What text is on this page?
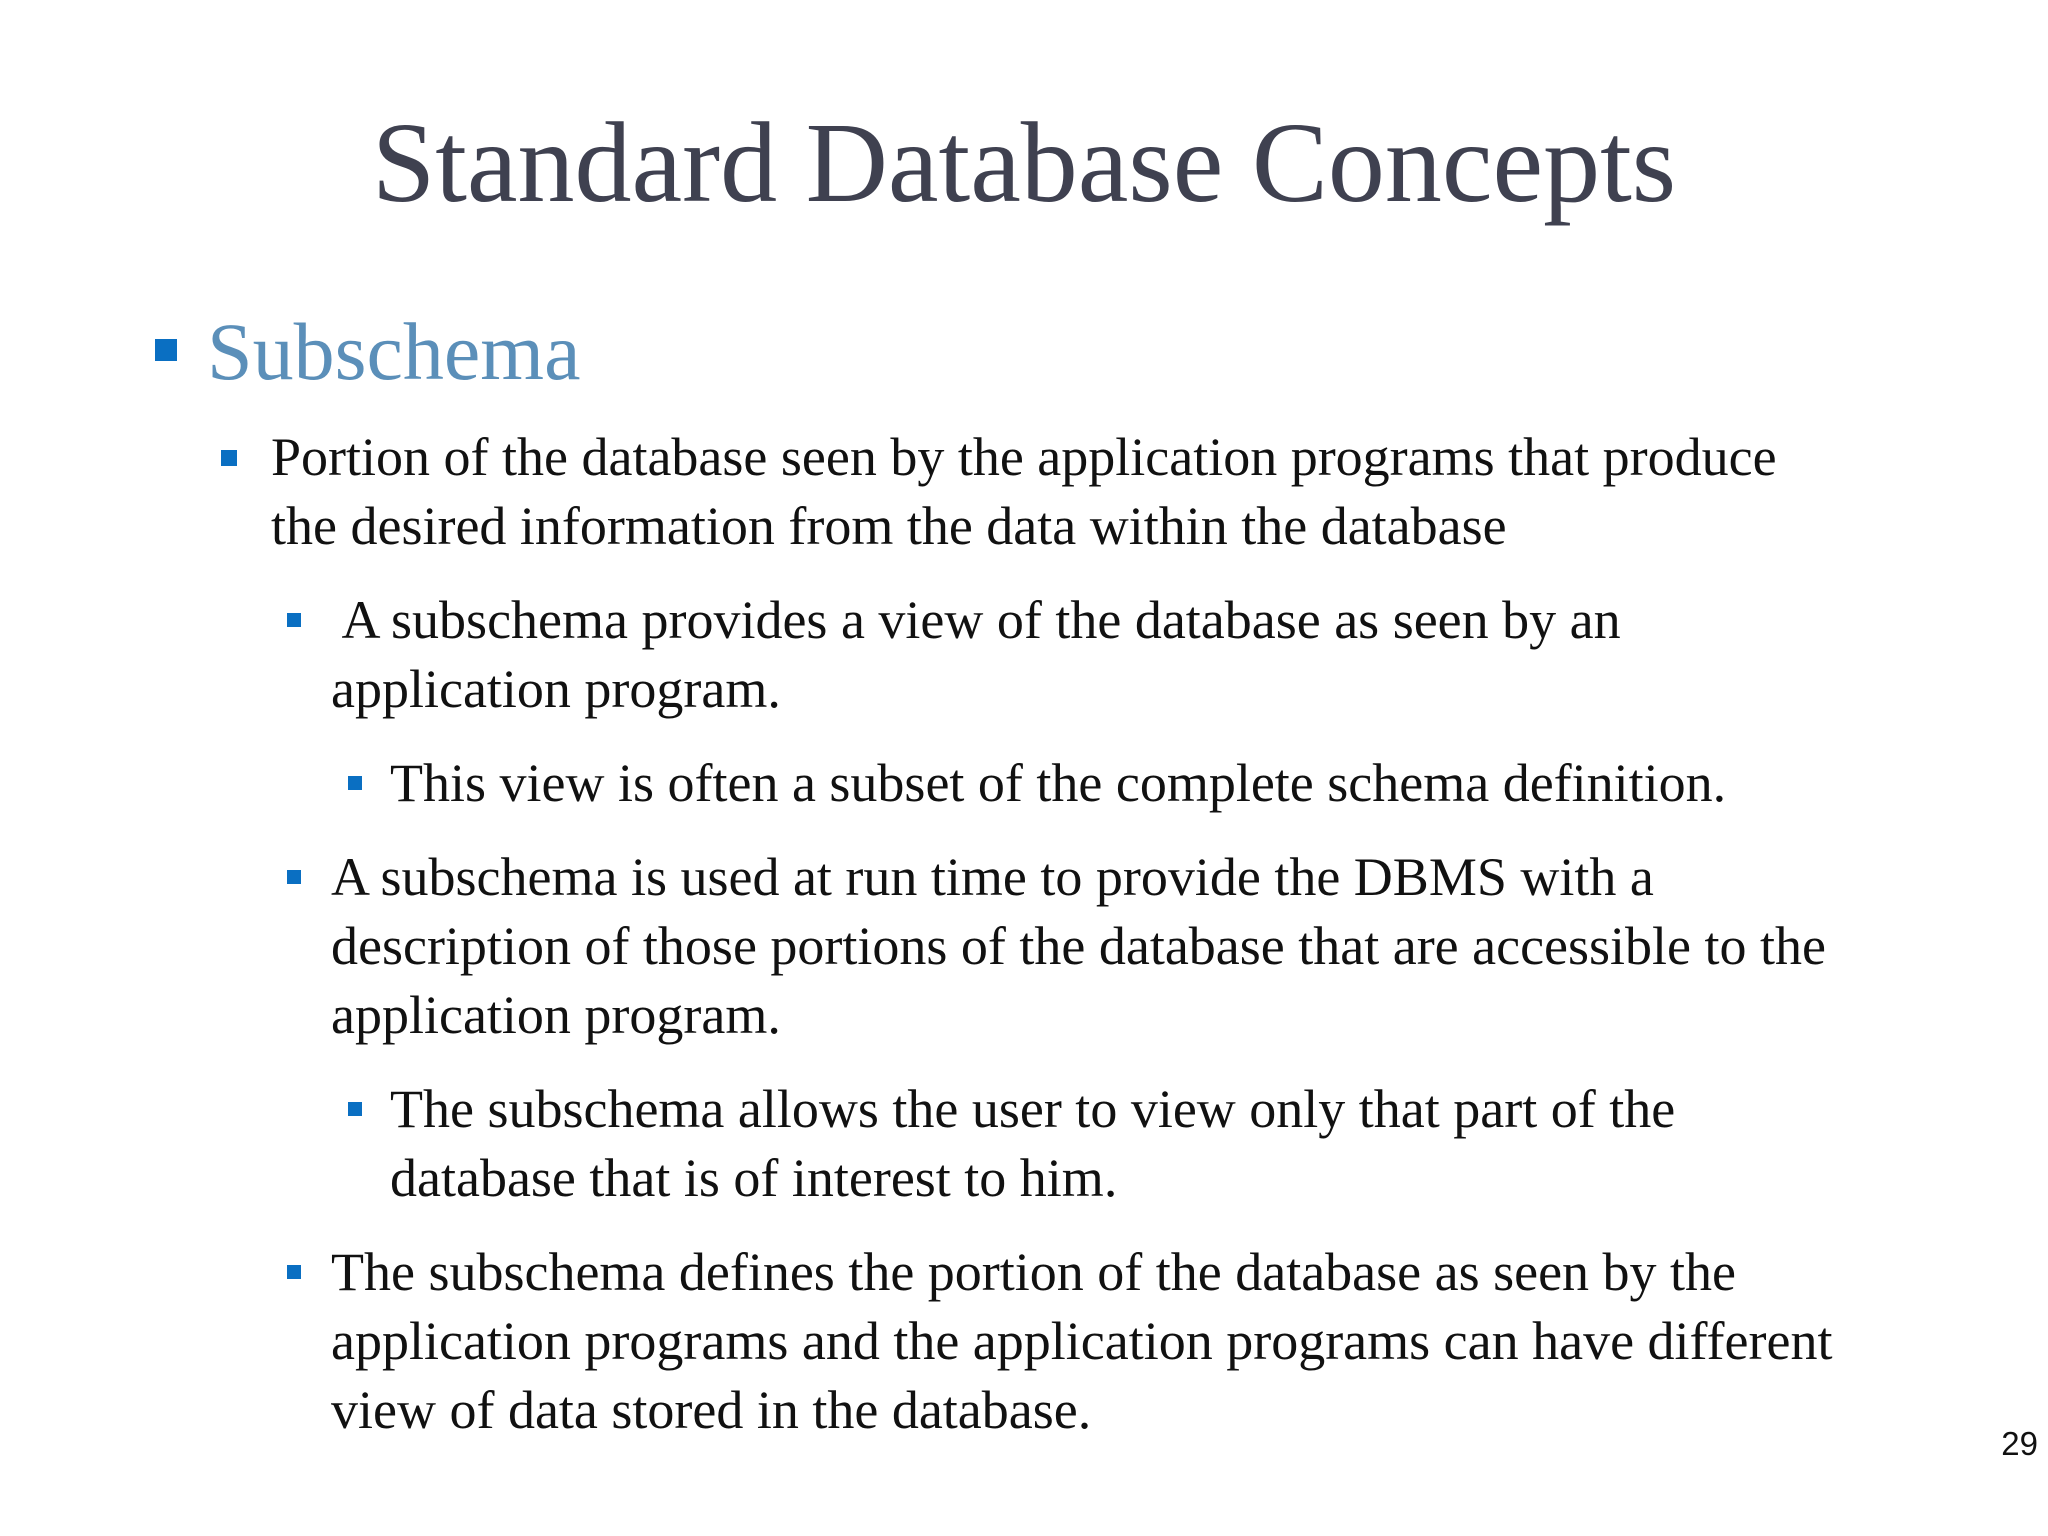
Standard Database Concepts
Subschema
Portion of the database seen by the application programs that produce
the desired information from the data within the database
A subschema provides a view of the database as seen by an
application program.
This view is often a subset of the complete schema definition.
A subschema is used at run time to provide the DBMS with a
description of those portions of the database that are accessible to the
application program.
The subschema allows the user to view only that part of the
database that is of interest to him.
The subschema defines the portion of the database as seen by the
application programs and the application programs can have different
view of data stored in the database.
29
